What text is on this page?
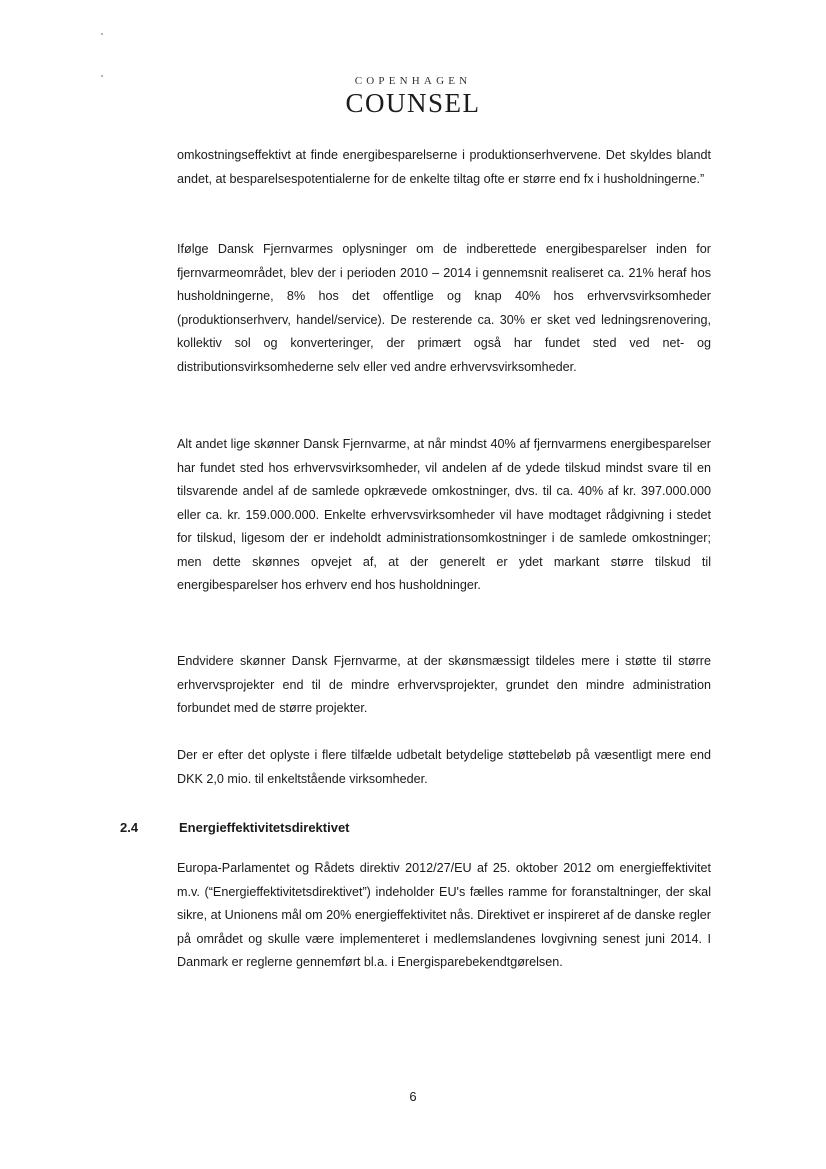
COPENHAGEN
COUNSEL

omkostningseffektivt at finde energibesparelserne i produktionserhvervene. Det skyldes blandt andet, at besparelsespotentialerne for de enkelte tiltag ofte er større end fx i husholdningerne.”

Ifølge Dansk Fjernvarmes oplysninger om de indberettede energibesparelser inden for fjernvarmeområdet, blev der i perioden 2010 – 2014 i gennemsnit realiseret ca. 21% heraf hos husholdningerne, 8% hos det offentlige og knap 40% hos erhvervsvirksomheder (produktionserhverv, handel/service). De resterende ca. 30% er sket ved ledningsrenovering, kollektiv sol og konverteringer, der primært også har fundet sted ved net- og distributionsvirksomhederne selv eller ved andre erhvervsvirksomheder.

Alt andet lige skønner Dansk Fjernvarme, at når mindst 40% af fjernvarmens energibesparelser har fundet sted hos erhvervsvirksomheder, vil andelen af de ydede tilskud mindst svare til en tilsvarende andel af de samlede opkrævede omkostninger, dvs. til ca. 40% af kr. 397.000.000 eller ca. kr. 159.000.000. Enkelte erhvervsvirksomheder vil have modtaget rådgivning i stedet for tilskud, ligesom der er indeholdt administrationsomkostninger i de samlede omkostninger; men dette skønnes opvejet af, at der generelt er ydet markant større tilskud til energibesparelser hos erhverv end hos husholdninger.

Endvidere skønner Dansk Fjernvarme, at der skønsmæssigt tildeles mere i støtte til større erhvervsprojekter end til de mindre erhvervsprojekter, grundet den mindre administration forbundet med de større projekter.

Der er efter det oplyste i flere tilfælde udbetalt betydelige støttebeløb på væsentligt mere end DKK 2,0 mio. til enkeltstående virksomheder.

2.4	Energieffektivitetsdirektivet

Europa-Parlamentet og Rådets direktiv 2012/27/EU af 25. oktober 2012 om energieffektivitet m.v. (“Energieffektivitetsdirektivet”) indeholder EU's fælles ramme for foranstaltninger, der skal sikre, at Unionens mål om 20% energieffektivitet nås. Direktivet er inspireret af de danske regler på området og skulle være implementeret i medlemslandenes lovgivning senest juni 2014. I Danmark er reglerne gennemført bl.a. i Energisparebekendtgørelsen.

6
